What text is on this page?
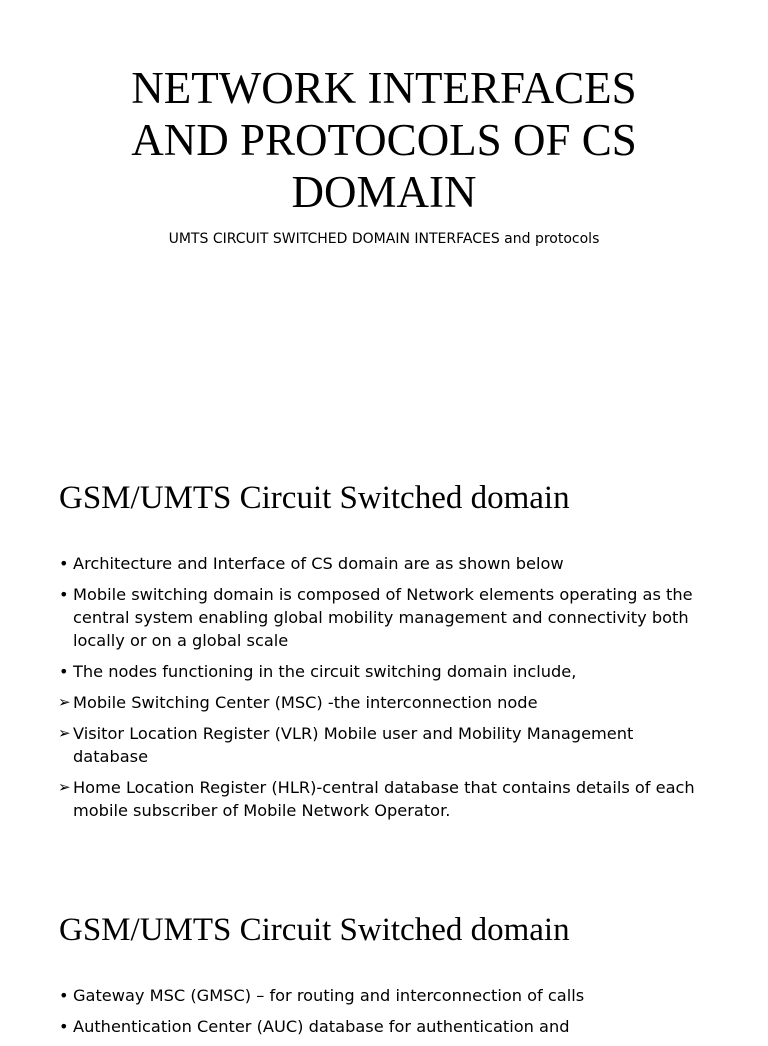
NETWORK INTERFACES
AND PROTOCOLS OF CS
DOMAIN

UMTS CIRCUIT SWITCHED DOMAIN INTERFACES and protocols

GSM/UMTS Circuit Switched domain
• Architecture and Interface of CS domain are as shown below
• Mobile switching domain is composed of Network elements operating as the central system enabling global mobility management and connectivity both locally or on a global scale
• The nodes functioning in the circuit switching domain include,
➢ Mobile Switching Center (MSC) -the interconnection node
➢ Visitor Location Register (VLR) Mobile user and Mobility Management database
➢ Home Location Register (HLR)-central database that contains details of each mobile subscriber of Mobile Network Operator.
GSM/UMTS Circuit Switched domain
• Gateway MSC (GMSC) – for routing and interconnection of calls
• Authentication Center (AUC) database for authentication and
